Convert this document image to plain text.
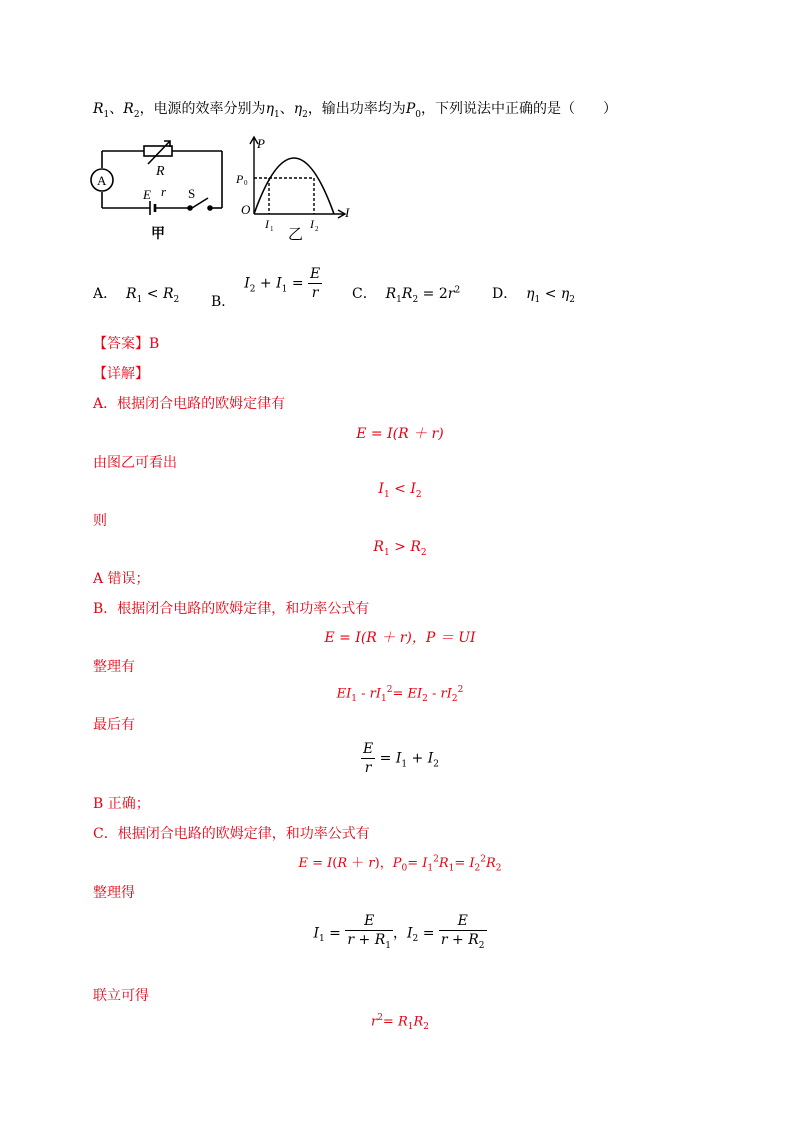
$R_1$、$R_2$，电源的效率分别为$\eta_1$、$\eta_2$，输出功率均为$P_0$，下列说法中正确的是（　　）
R
A
E r S
甲
P
P 0
O
I 1	I 2
I
乙
A． $R_1 < R_2$ B．  $I_2 + I_1 = \frac{E}{r}$ C． $R_1R_2 = 2r^2$ D． $\eta_1 < \eta_2$
【答案】B
【详解】
A．根据闭合电路的欧姆定律有
E = I(R ＋ r)
由图乙可看出
$I_1 < I_2$
则
$R_1 > R_2$
A 错误；
B．根据闭合电路的欧姆定律，和功率公式有
E = I(R ＋ r)，P ＝ UI
整理有
$EI_1 - rI_1^2= EI_2 - rI_2^2$
最后有
$\frac{E}{r} = I_1 + I_2$
B 正确；
C．根据闭合电路的欧姆定律，和功率公式有
E = I(R ＋ r)，$P_0= I_1^2R_1= I_2^2R_2$
整理得
$I_1 = \frac{E}{r + R_1}$ ，$I_2 = \frac{E}{r + R_2}$
联立可得
$r^2= R_1R_2$
